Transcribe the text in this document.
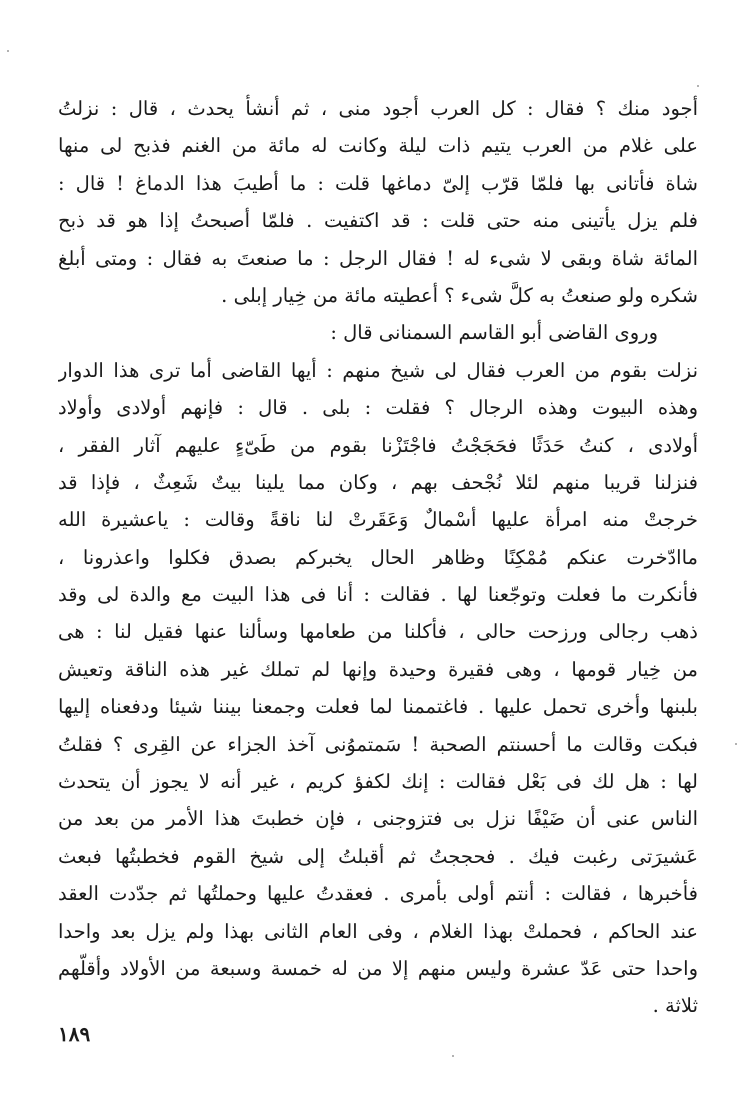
أجود منك ؟ فقال : كل العرب أجود منى ، ثم أنشأ يحدث ، قال : نزلتُ
على غلام من العرب يتيم ذات ليلة وكانت له مائة من الغنم فذبح لى منها
شاة فأتانى بها فلمّا قرّب إلىّ دماغها قلت : ما أطيبَ هذا الدماغ ! قال :
فلم يزل يأتينى منه حتى قلت : قد اكتفيت . فلمّا أصبحتُ إذا هو قد ذبح
المائة شاة وبقى لا شىء له ! فقال الرجل : ما صنعتَ به فقال : ومتى أبلغ
شكره ولو صنعتُ به كلَّ شىء ؟ أعطيته مائة من خِيار إبلى .
وروى القاضى أبو القاسم السمنانى قال :
نزلت بقوم من العرب فقال لى شيخ منهم : أيها القاضى أما ترى هذا الدوار
وهذه البيوت وهذه الرجال ؟ فقلت : بلى . قال : فإنهم أولادى وأولاد
أولادى ، كنتُ حَدَثًا فحَجَجْتُ فاجْتَزْنا بقوم من طَىّءٍ عليهم آثار الفقر ،
فنزلنا قريبا منهم لئلا نُجْحف بهم ، وكان مما يلينا بيتٌ شَعِثٌ ، فإذا قد
خرجتْ منه امرأة عليها أسْمالٌ وَعَقَرتْ لنا ناقةً وقالت : ياعشيرة الله
ماادّخرت عنكم مُمْكِنًا وظاهر الحال يخبركم بصدق فكلوا واعذرونا ،
فأنكرت ما فعلت وتوجّعنا لها . فقالت : أنا فى هذا البيت مع والدة لى وقد
ذهب رجالى ورزحت حالى ، فأكلنا من طعامها وسألنا عنها فقيل لنا : هى
من خِيار قومها ، وهى فقيرة وحيدة وإنها لم تملك غير هذه الناقة وتعيش
بلبنها وأخرى تحمل عليها . فاغتممنا لما فعلت وجمعنا بيننا شيئا ودفعناه إليها
فبكت وقالت ما أحسنتم الصحبة ! سَمتموُنى آخذ الجزاء عن القِرى ؟ فقلتُ
لها : هل لك فى بَعْل فقالت : إنك لكفؤ كريم ، غير أنه لا يجوز أن يتحدث
الناس عنى أن ضَيْفًا نزل بى فتزوجنى ، فإن خطبتَ هذا الأمر من بعد من
عَشيرَتى رغبت فيك . فحججتُ ثم أقبلتُ إلى شيخ القوم فخطبتُها فبعث
فأخبرها ، فقالت : أنتم أولى بأمرى . فعقدتُ عليها وحملتُها ثم جدّدت العقد
عند الحاكم ، فحملتْ بهذا الغلام ، وفى العام الثانى بهذا ولم يزل بعد واحدا
واحدا حتى عَدّ عشرة وليس منهم إلا من له خمسة وسبعة من الأولاد وأقلّهم
ثلاثة .
١٨٩
